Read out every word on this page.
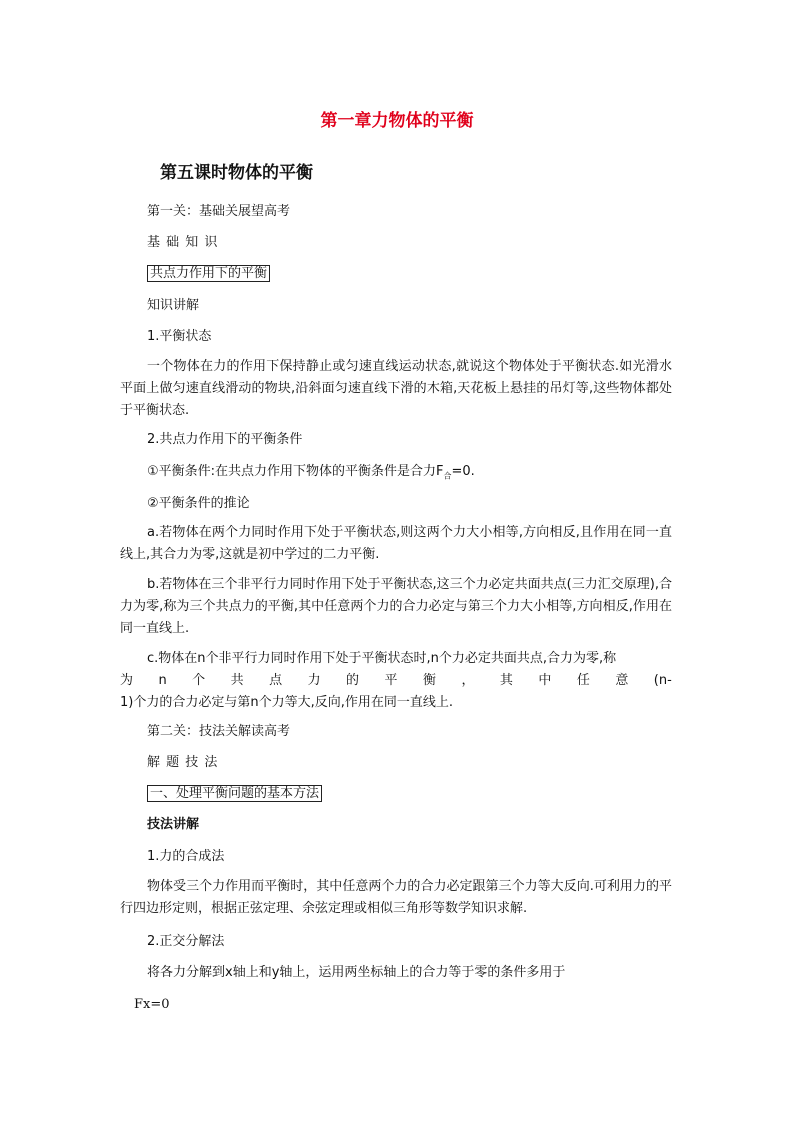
第一章力物体的平衡
第五课时物体的平衡
第一关：基础关展望高考
基 础 知 识
共点力作用下的平衡
知识讲解
1.平衡状态
一个物体在力的作用下保持静止或匀速直线运动状态,就说这个物体处于平衡状态.如光滑水平面上做匀速直线滑动的物块,沿斜面匀速直线下滑的木箱,天花板上悬挂的吊灯等,这些物体都处于平衡状态.
2.共点力作用下的平衡条件
①平衡条件:在共点力作用下物体的平衡条件是合力$F_合=0$.
②平衡条件的推论
a.若物体在两个力同时作用下处于平衡状态,则这两个力大小相等,方向相反,且作用在同一直线上,其合力为零,这就是初中学过的二力平衡.
b.若物体在三个非平行力同时作用下处于平衡状态,这三个力必定共面共点(三力汇交原理),合力为零,称为三个共点力的平衡,其中任意两个力的合力必定与第三个力大小相等,方向相反,作用在同一直线上.
c.物体在n个非平行力同时作用下处于平衡状态时,n个力必定共面共点,合力为零,称
为 n 个 共 点 力 的 平 衡 ， 其 中 任 意 (n-
1)个力的合力必定与第n个力等大,反向,作用在同一直线上.
第二关：技法关解读高考
解 题 技 法
一、处理平衡问题的基本方法
技法讲解
1.力的合成法
物体受三个力作用而平衡时，其中任意两个力的合力必定跟第三个力等大反向.可利用力的平行四边形定则，根据正弦定理、余弦定理或相似三角形等数学知识求解.
2.正交分解法
将各力分解到x轴上和y轴上，运用两坐标轴上的合力等于零的条件多用于
Fx=0
